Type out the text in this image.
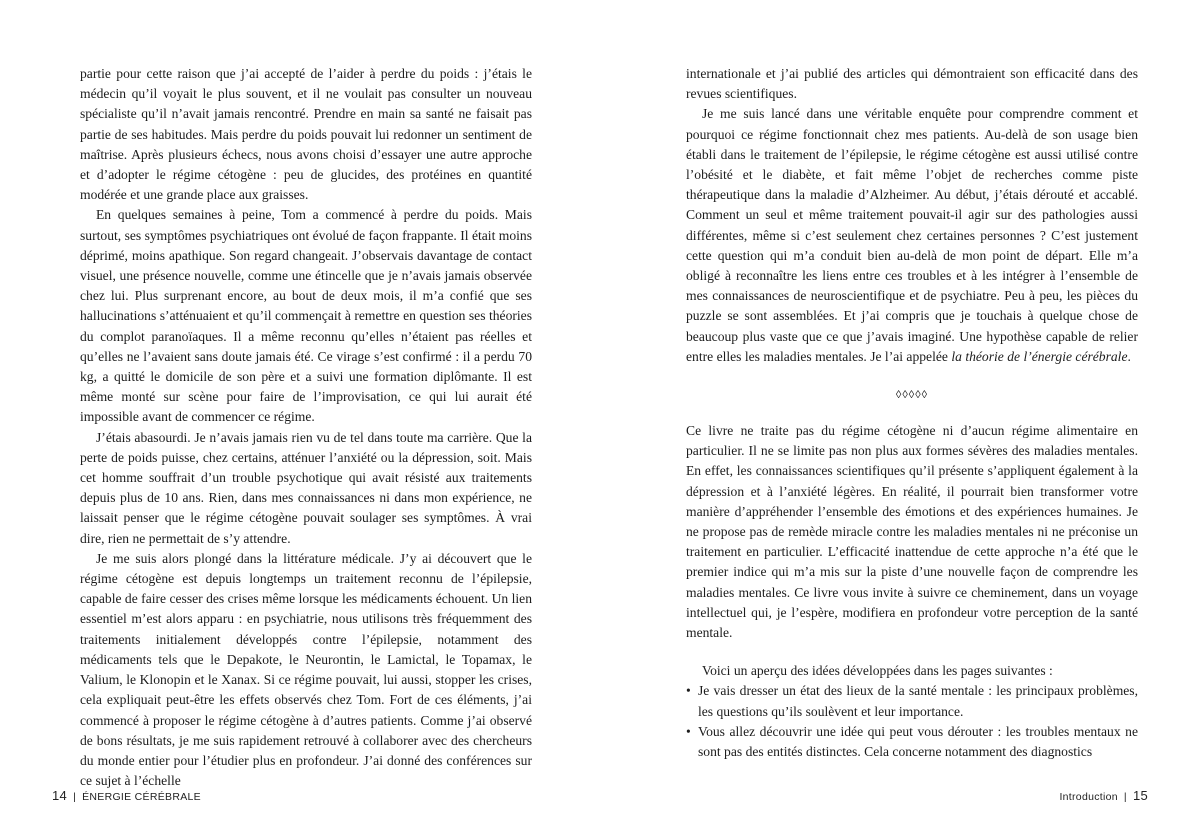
partie pour cette raison que j’ai accepté de l’aider à perdre du poids : j’étais le médecin qu’il voyait le plus souvent, et il ne voulait pas consulter un nouveau spécialiste qu’il n’avait jamais rencontré. Prendre en main sa santé ne faisait pas partie de ses habitudes. Mais perdre du poids pouvait lui redonner un sentiment de maîtrise. Après plusieurs échecs, nous avons choisi d’essayer une autre approche et d’adopter le régime cétogène : peu de glucides, des protéines en quantité modérée et une grande place aux graisses.

En quelques semaines à peine, Tom a commencé à perdre du poids. Mais surtout, ses symptômes psychiatriques ont évolué de façon frappante. Il était moins déprimé, moins apathique. Son regard changeait. J’observais davantage de contact visuel, une présence nouvelle, comme une étincelle que je n’avais jamais observée chez lui. Plus surprenant encore, au bout de deux mois, il m’a confié que ses hallucinations s’atténuaient et qu’il commençait à remettre en question ses théories du complot paranoïaques. Il a même reconnu qu’elles n’étaient pas réelles et qu’elles ne l’avaient sans doute jamais été. Ce virage s’est confirmé : il a perdu 70 kg, a quitté le domicile de son père et a suivi une formation diplômante. Il est même monté sur scène pour faire de l’improvisation, ce qui lui aurait été impossible avant de commencer ce régime.

J’étais abasourdi. Je n’avais jamais rien vu de tel dans toute ma carrière. Que la perte de poids puisse, chez certains, atténuer l’anxiété ou la dépression, soit. Mais cet homme souffrait d’un trouble psychotique qui avait résisté aux traitements depuis plus de 10 ans. Rien, dans mes connaissances ni dans mon expérience, ne laissait penser que le régime cétogène pouvait soulager ses symptômes. À vrai dire, rien ne permettait de s’y attendre.

Je me suis alors plongé dans la littérature médicale. J’y ai découvert que le régime cétogène est depuis longtemps un traitement reconnu de l’épilepsie, capable de faire cesser des crises même lorsque les médicaments échouent. Un lien essentiel m’est alors apparu : en psychiatrie, nous utilisons très fréquemment des traitements initialement développés contre l’épilepsie, notamment des médicaments tels que le Depakote, le Neurontin, le Lamictal, le Topamax, le Valium, le Klonopin et le Xanax. Si ce régime pouvait, lui aussi, stopper les crises, cela expliquait peut-être les effets observés chez Tom. Fort de ces éléments, j’ai commencé à proposer le régime cétogène à d’autres patients. Comme j’ai observé de bons résultats, je me suis rapidement retrouvé à collaborer avec des chercheurs du monde entier pour l’étudier plus en profondeur. J’ai donné des conférences sur ce sujet à l’échelle

14 | ÉNERGIE CÉRÉBRALE

internationale et j’ai publié des articles qui démontraient son efficacité dans des revues scientifiques.

Je me suis lancé dans une véritable enquête pour comprendre comment et pourquoi ce régime fonctionnait chez mes patients. Au-delà de son usage bien établi dans le traitement de l’épilepsie, le régime cétogène est aussi utilisé contre l’obésité et le diabète, et fait même l’objet de recherches comme piste thérapeutique dans la maladie d’Alzheimer. Au début, j’étais dérouté et accablé. Comment un seul et même traitement pouvait-il agir sur des pathologies aussi différentes, même si c’est seulement chez certaines personnes ? C’est justement cette question qui m’a conduit bien au-delà de mon point de départ. Elle m’a obligé à reconnaître les liens entre ces troubles et à les intégrer à l’ensemble de mes connaissances de neuroscientifique et de psychiatre. Peu à peu, les pièces du puzzle se sont assemblées. Et j’ai compris que je touchais à quelque chose de beaucoup plus vaste que ce que j’avais imaginé. Une hypothèse capable de relier entre elles les maladies mentales. Je l’ai appelée la théorie de l’énergie cérébrale.

◊◊◊◊◊

Ce livre ne traite pas du régime cétogène ni d’aucun régime alimentaire en particulier. Il ne se limite pas non plus aux formes sévères des maladies mentales. En effet, les connaissances scientifiques qu’il présente s’appliquent également à la dépression et à l’anxiété légères. En réalité, il pourrait bien transformer votre manière d’appréhender l’ensemble des émotions et des expériences humaines. Je ne propose pas de remède miracle contre les maladies mentales ni ne préconise un traitement en particulier. L’efficacité inattendue de cette approche n’a été que le premier indice qui m’a mis sur la piste d’une nouvelle façon de comprendre les maladies mentales. Ce livre vous invite à suivre ce cheminement, dans un voyage intellectuel qui, je l’espère, modifiera en profondeur votre perception de la santé mentale.

Voici un aperçu des idées développées dans les pages suivantes :

• Je vais dresser un état des lieux de la santé mentale : les principaux problèmes, les questions qu’ils soulèvent et leur importance.
• Vous allez découvrir une idée qui peut vous dérouter : les troubles mentaux ne sont pas des entités distinctes. Cela concerne notamment des diagnostics
Introduction | 15
